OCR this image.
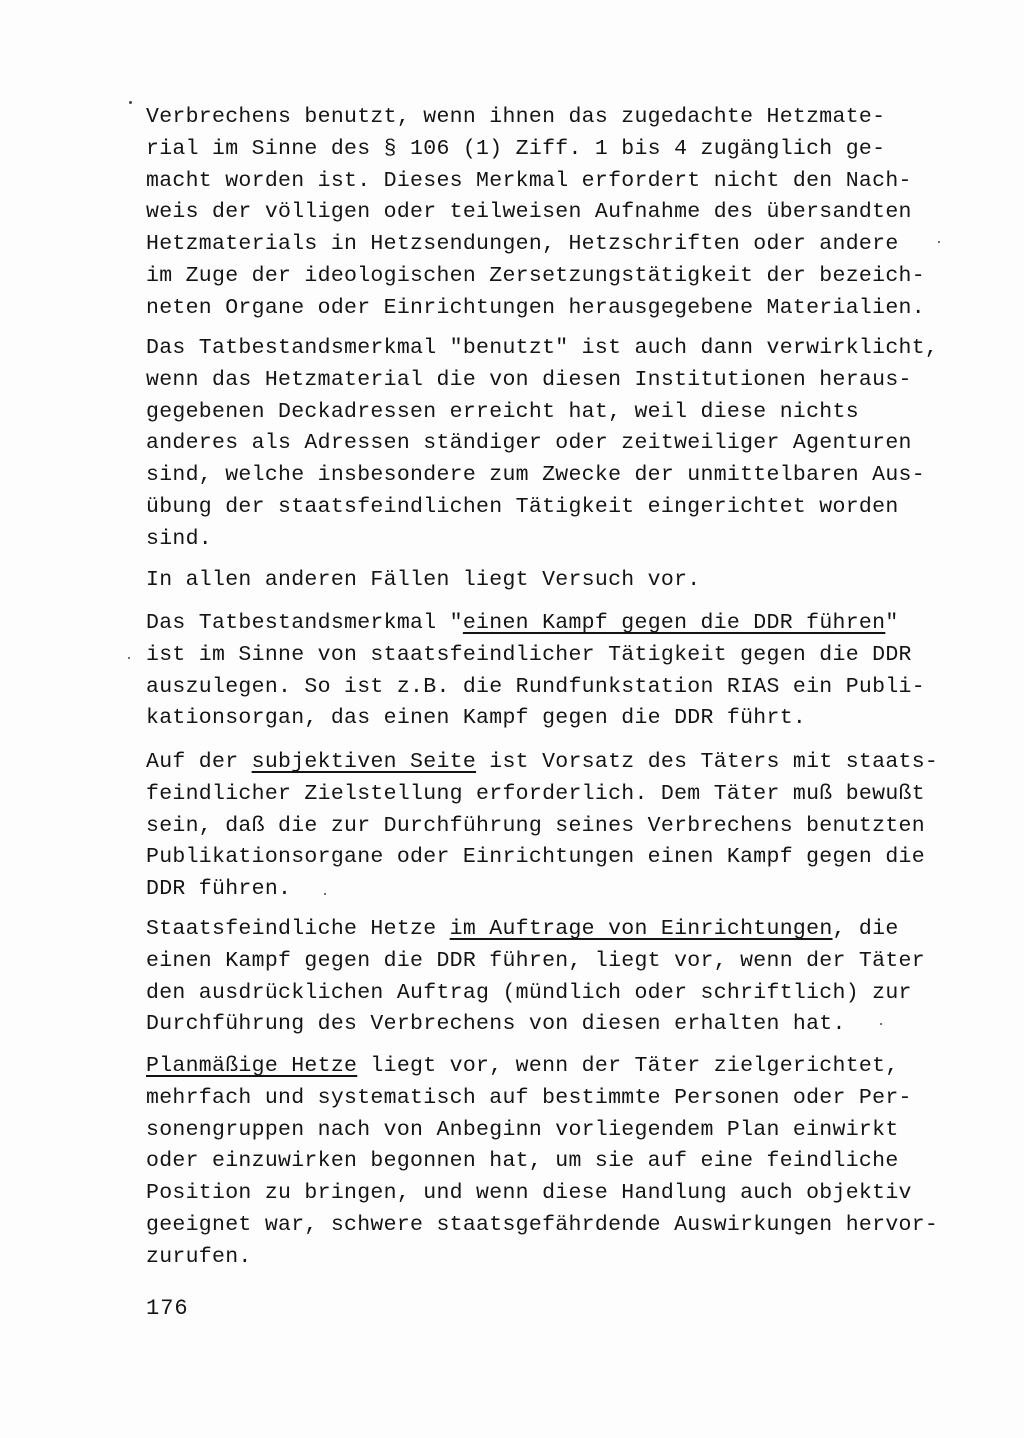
Verbrechens benutzt, wenn ihnen das zugedachte Hetzmate-
rial im Sinne des § 106 (1) Ziff. 1 bis 4 zugänglich ge-
macht worden ist. Dieses Merkmal erfordert nicht den Nach-
weis der völligen oder teilweisen Aufnahme des übersandten
Hetzmaterials in Hetzsendungen, Hetzschriften oder andere
im Zuge der ideologischen Zersetzungstätigkeit der bezeich-
neten Organe oder Einrichtungen herausgegebene Materialien.
Das Tatbestandsmerkmal "benutzt" ist auch dann verwirklicht,
wenn das Hetzmaterial die von diesen Institutionen heraus-
gegebenen Deckadressen erreicht hat, weil diese nichts
anderes als Adressen ständiger oder zeitweiliger Agenturen
sind, welche insbesondere zum Zwecke der unmittelbaren Aus-
übung der staatsfeindlichen Tätigkeit eingerichtet worden
sind.
In allen anderen Fällen liegt Versuch vor.
Das Tatbestandsmerkmal "einen Kampf gegen die DDR führen"
ist im Sinne von staatsfeindlicher Tätigkeit gegen die DDR
auszulegen. So ist z.B. die Rundfunkstation RIAS ein Publi-
kationsorgan, das einen Kampf gegen die DDR führt.
Auf der subjektiven Seite ist Vorsatz des Täters mit staats-
feindlicher Zielstellung erforderlich. Dem Täter muß bewußt
sein, daß die zur Durchführung seines Verbrechens benutzten
Publikationsorgane oder Einrichtungen einen Kampf gegen die
DDR führen.
Staatsfeindliche Hetze im Auftrage von Einrichtungen, die
einen Kampf gegen die DDR führen, liegt vor, wenn der Täter
den ausdrücklichen Auftrag (mündlich oder schriftlich) zur
Durchführung des Verbrechens von diesen erhalten hat.
Planmäßige Hetze liegt vor, wenn der Täter zielgerichtet,
mehrfach und systematisch auf bestimmte Personen oder Per-
sonengruppen nach von Anbeginn vorliegendem Plan einwirkt
oder einzuwirken begonnen hat, um sie auf eine feindliche
Position zu bringen, und wenn diese Handlung auch objektiv
geeignet war, schwere staatsgefährdende Auswirkungen hervor-
zurufen.
176
